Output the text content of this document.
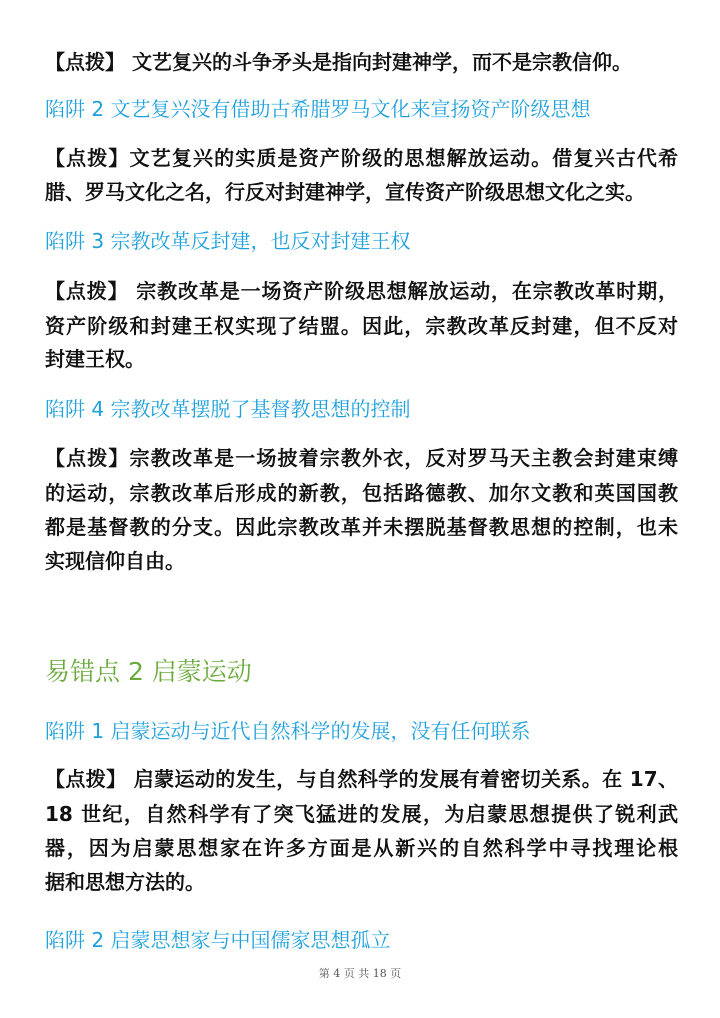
【点拨】 文艺复兴的斗争矛头是指向封建神学，而不是宗教信仰。
陷阱 2 文艺复兴没有借助古希腊罗马文化来宣扬资产阶级思想
【点拨】文艺复兴的实质是资产阶级的思想解放运动。借复兴古代希
腊、罗马文化之名，行反对封建神学，宣传资产阶级思想文化之实。
陷阱 3 宗教改革反封建，也反对封建王权
【点拨】 宗教改革是一场资产阶级思想解放运动，在宗教改革时期，
资产阶级和封建王权实现了结盟。因此，宗教改革反封建，但不反对
封建王权。
陷阱 4 宗教改革摆脱了基督教思想的控制
【点拨】宗教改革是一场披着宗教外衣，反对罗马天主教会封建束缚
的运动，宗教改革后形成的新教，包括路德教、加尔文教和英国国教
都是基督教的分支。因此宗教改革并未摆脱基督教思想的控制，也未
实现信仰自由。
易错点 2 启蒙运动
陷阱 1 启蒙运动与近代自然科学的发展，没有任何联系
【点拨】 启蒙运动的发生，与自然科学的发展有着密切关系。在 17、
18 世纪，自然科学有了突飞猛进的发展，为启蒙思想提供了锐利武
器，因为启蒙思想家在许多方面是从新兴的自然科学中寻找理论根
据和思想方法的。
陷阱 2 启蒙思想家与中国儒家思想孤立
第 4 页 共 18 页
